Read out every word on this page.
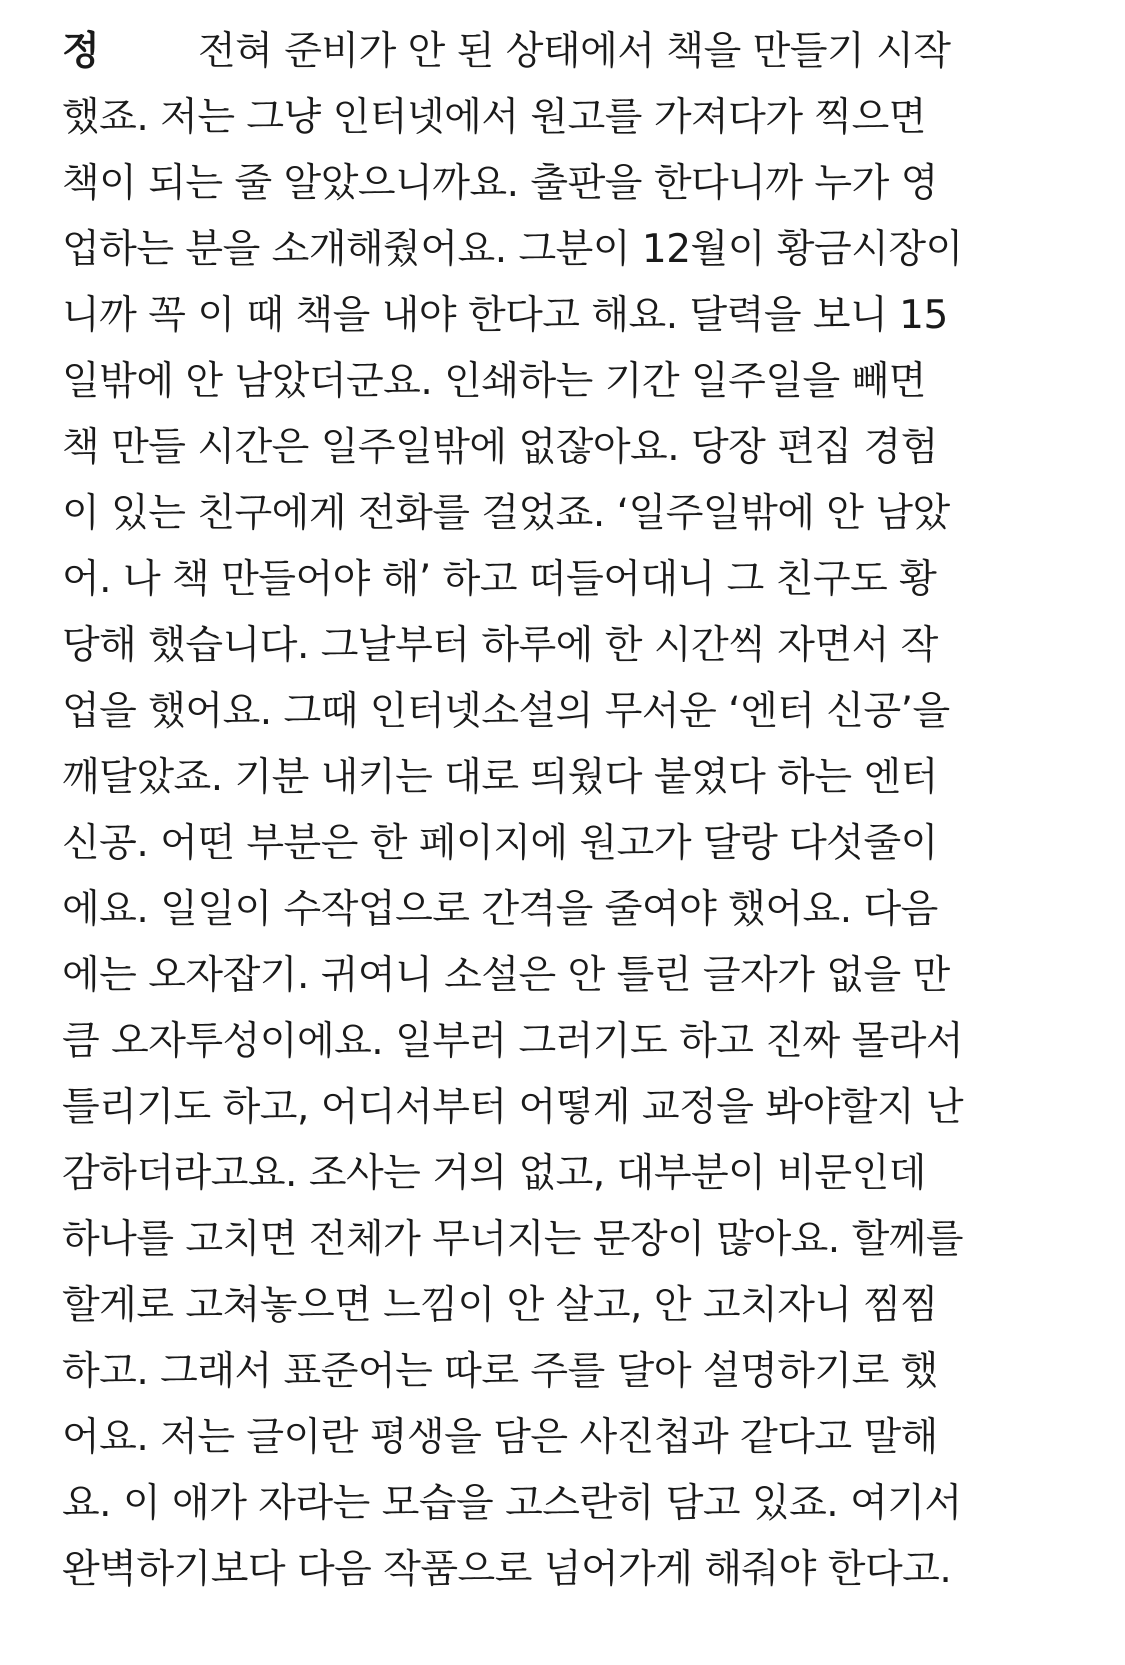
정	전혀 준비가 안 된 상태에서 책을 만들기 시작
했죠. 저는 그냥 인터넷에서 원고를 가져다가 찍으면
책이 되는 줄 알았으니까요. 출판을 한다니까 누가 영
업하는 분을 소개해줬어요. 그분이 12월이 황금시장이
니까 꼭 이 때 책을 내야 한다고 해요. 달력을 보니 15
일밖에 안 남았더군요. 인쇄하는 기간 일주일을 빼면
책 만들 시간은 일주일밖에 없잖아요. 당장 편집 경험
이 있는 친구에게 전화를 걸었죠. ‘일주일밖에 안 남았
어. 나 책 만들어야 해’ 하고 떠들어대니 그 친구도 황
당해 했습니다. 그날부터 하루에 한 시간씩 자면서 작
업을 했어요. 그때 인터넷소설의 무서운 ‘엔터 신공’을
깨달았죠. 기분 내키는 대로 띄웠다 붙였다 하는 엔터
신공. 어떤 부분은 한 페이지에 원고가 달랑 다섯줄이
에요. 일일이 수작업으로 간격을 줄여야 했어요. 다음
에는 오자잡기. 귀여니 소설은 안 틀린 글자가 없을 만
큼 오자투성이에요. 일부러 그러기도 하고 진짜 몰라서
틀리기도 하고, 어디서부터 어떻게 교정을 봐야할지 난
감하더라고요. 조사는 거의 없고, 대부분이 비문인데
하나를 고치면 전체가 무너지는 문장이 많아요. 할께를
할게로 고쳐놓으면 느낌이 안 살고, 안 고치자니 찜찜
하고. 그래서 표준어는 따로 주를 달아 설명하기로 했
어요. 저는 글이란 평생을 담은 사진첩과 같다고 말해
요. 이 애가 자라는 모습을 고스란히 담고 있죠. 여기서
완벽하기보다 다음 작품으로 넘어가게 해줘야 한다고.
